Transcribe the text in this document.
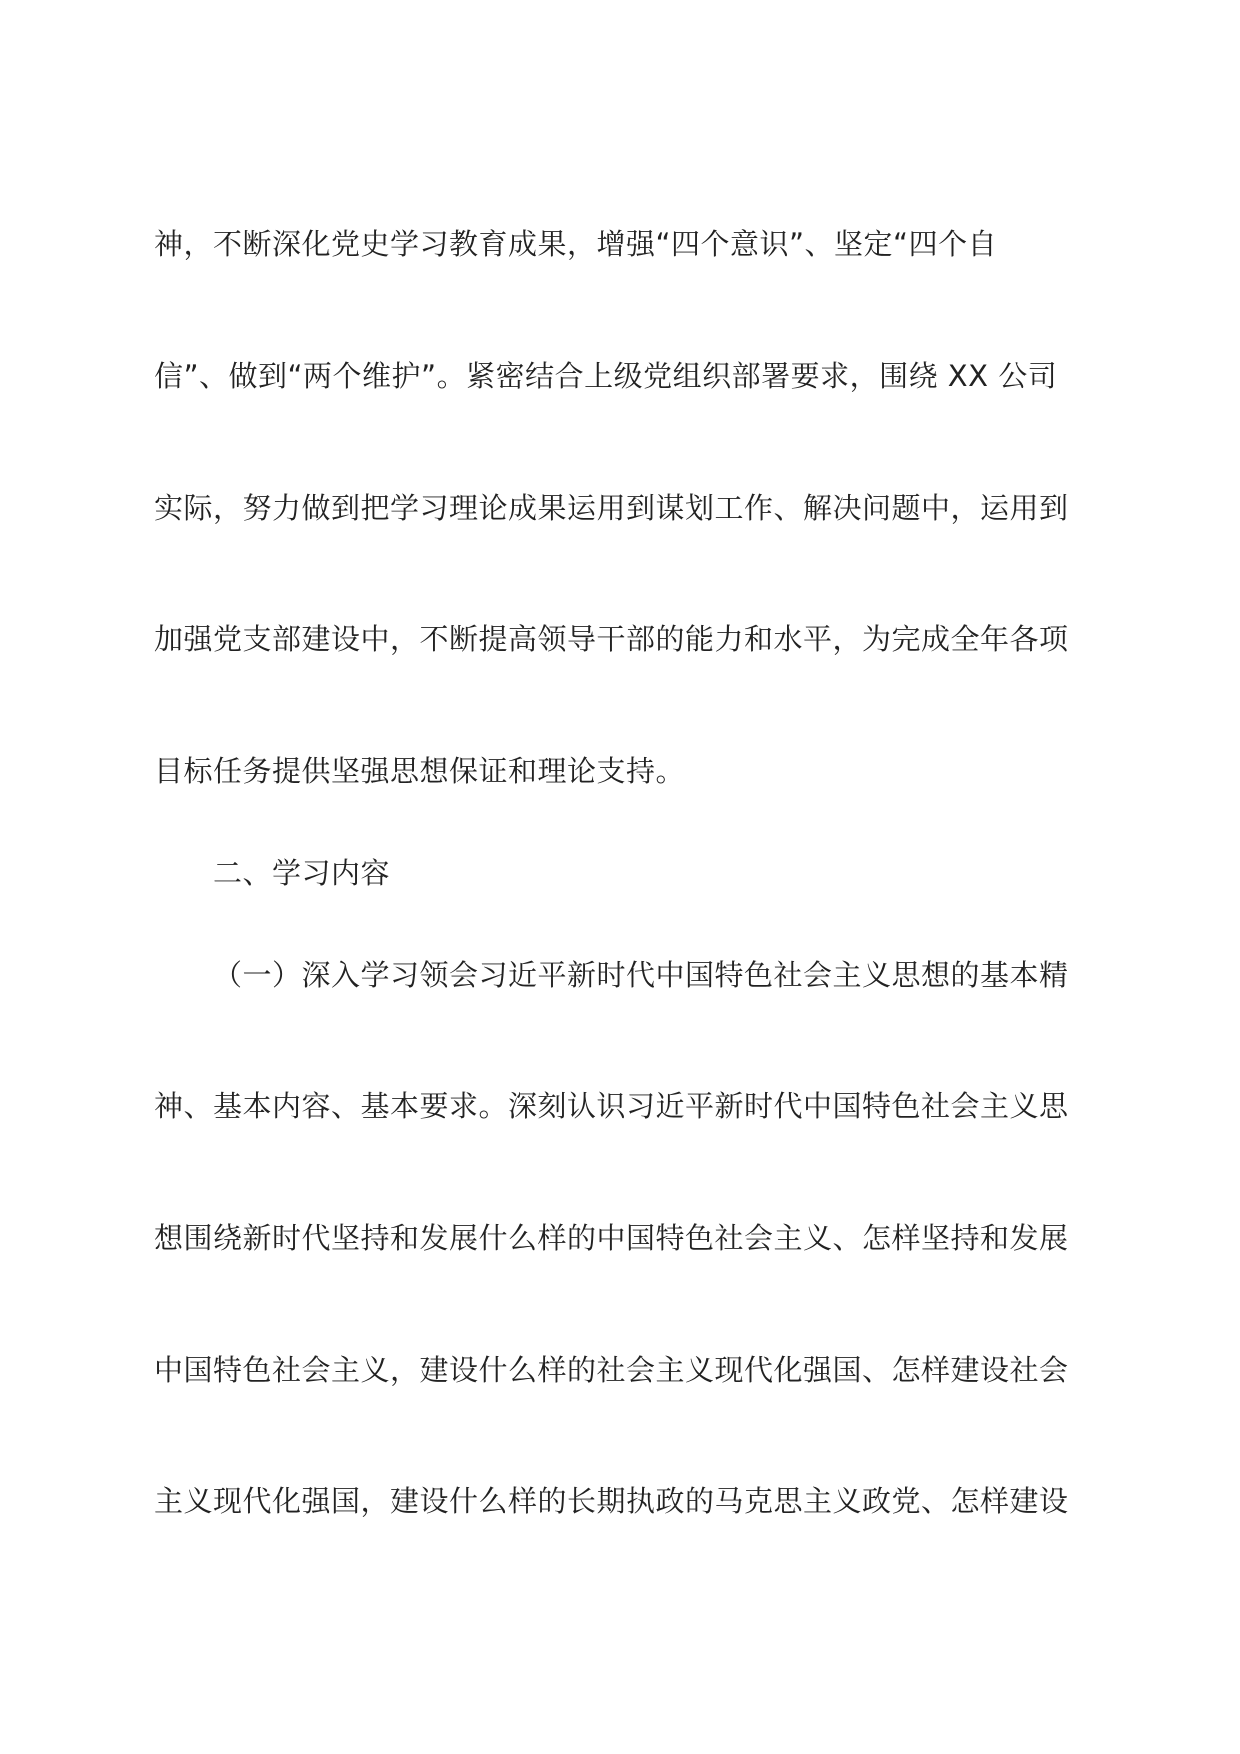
神，不断深化党史学习教育成果，增强“四个意识”、坚定“四个自
信”、做到“两个维护”。紧密结合上级党组织部署要求，围绕 XX 公司
实际，努力做到把学习理论成果运用到谋划工作、解决问题中，运用到
加强党支部建设中，不断提高领导干部的能力和水平，为完成全年各项
目标任务提供坚强思想保证和理论支持。
二、学习内容
（一）深入学习领会习近平新时代中国特色社会主义思想的基本精
神、基本内容、基本要求。深刻认识习近平新时代中国特色社会主义思
想围绕新时代坚持和发展什么样的中国特色社会主义、怎样坚持和发展
中国特色社会主义，建设什么样的社会主义现代化强国、怎样建设社会
主义现代化强国，建设什么样的长期执政的马克思主义政党、怎样建设
